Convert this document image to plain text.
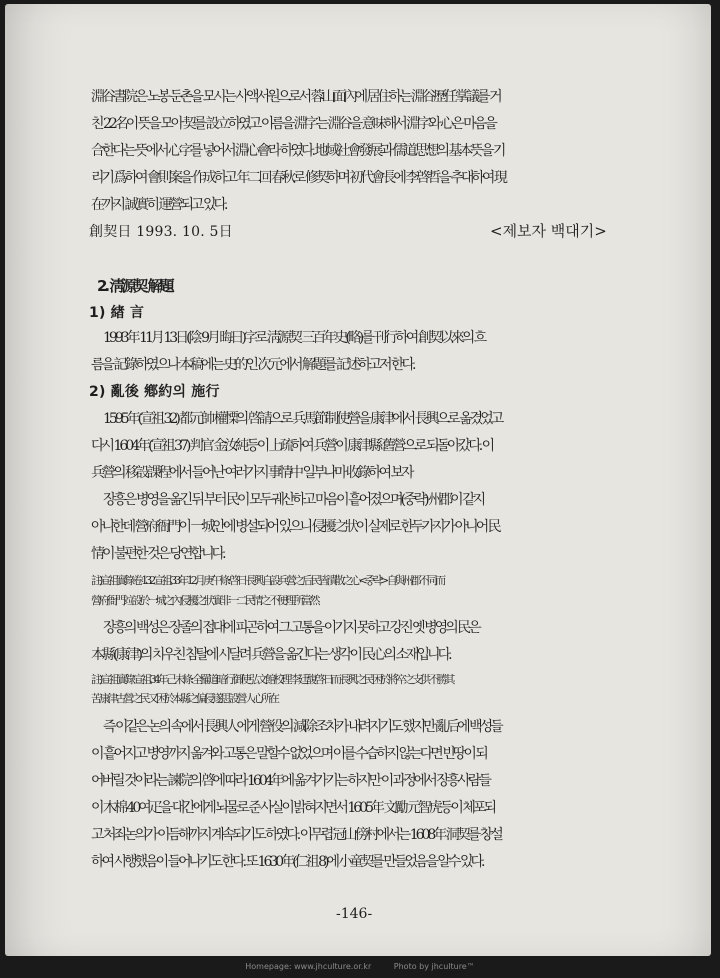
淵谷書院은 노봉 둔촌을 모시는 사액서원으로서 蓉山面內에 居住하는 淵谷歷任掌議를 거
친 22名이 뜻을 모아 契를 設立하였고 이름을 淵字는 淵谷을 意味해서 淵字와 心은 마음을
合한다는 뜻에서 心字를 넣어서 淵心會라 하였다. 地域社會發展과 儒道思想의 基本뜻을 기
리기 爲하여 會則案을 作成하고 年二回 春秋로 修契하며 初代會長에 李啓哲을 추대하여 現
在까지 誠實히 運營되고 있다.
創契日 1993. 10. 5日	<제보자 백대기>
2. 淸源契 解題
1) 緖 言
1993年 11月 13日(陰 9月 晦日)字로 淸源契 三百年史(略)를 刊行하여 創契以來의 흐
름을 記錄하였으나 本稿에는 史的인 次元에서 解題를 記述하고저 한다.
2) 亂後 鄕約의 施行
1595年(宣祖 32) 都元帥 權慄의 啓請으로 兵馬節制使營을 康津에서 長興으로 옮겼었고
다시 1604年(宣祖 37) 判官 金汝純등이 上疏하여 兵營이 康津縣 舊營으로 되돌아갔다. 이
兵營의 移設課程에서 들어난 여러가지 事情中 일부나마 收錄하여 보자
장흥은 병영을 옮긴 뒤 부터 民이 모두 궤산하고 마음이 흩어졌으며(중략) 州郡이 같지
아니한데 營府衙門이 一城안에 병설되어 있으니 侵擾之狀이 실제로 한두가지가 아니어 民
情이 불편한 것은 당연합니다.
註)宣祖實錄 卷 132 宣祖 33年 12月 庚午條 : 啓日 長興 自設兵營之后 民皆潰散之心<중략> 自與州郡不同 而
營府衙門 竝設於一城之內 侵擾之狀 實非一二民情之 不便 理所當然
장흥의 백성은 장졸의 접대에 피곤하여 그 고통을 이기지 못하고 강진 옛 병영의 民은
本縣(康津)의 치우친 침탈에 시달려 兵營을 옮긴다는 생각이 民心의 소재입니다.
註) 宣祖實錄 宣祖 34年 己未條 : 全羅道 暗行御使 弘文館 校理 李廷馥 啓 日而 長興之民 困於將卒之支供 不勝其
苦 康津古營之民 又困於本縣之偏侵 遂思設營 人心所在
즉 이같은 논의 속에서 長興人에게 營役의 減除조차가 내려지기도 했지만 亂后에 백성들
이 흩어지고 병영까지 옮겨와 고통은 말할수 없었으며 이를 수습하지 않는다면 빈땅이 되
어버릴 것이라는 諫院의 啓에 따라 1604年에 옮겨가기는 하지만 이 과정에서 장흥사람들
이 木棉 40여疋을 대간에게 뇌물로 준 사실이 밝혀지면서 1605年 文勵 元智虎등이 체포되
고 처죄논의가 이듬해까지 계속되기도 하였다. 이무렵 冠山傍村에서는 1608年 洞契를 창설
하여 시행했음이 들어나기도 한다. 또 1630年(仁祖 8)에 小童契를 만들었음을 알수 있다.
-146-
Homepage: www.jhculture.or.kr	Photo by jhculture™
